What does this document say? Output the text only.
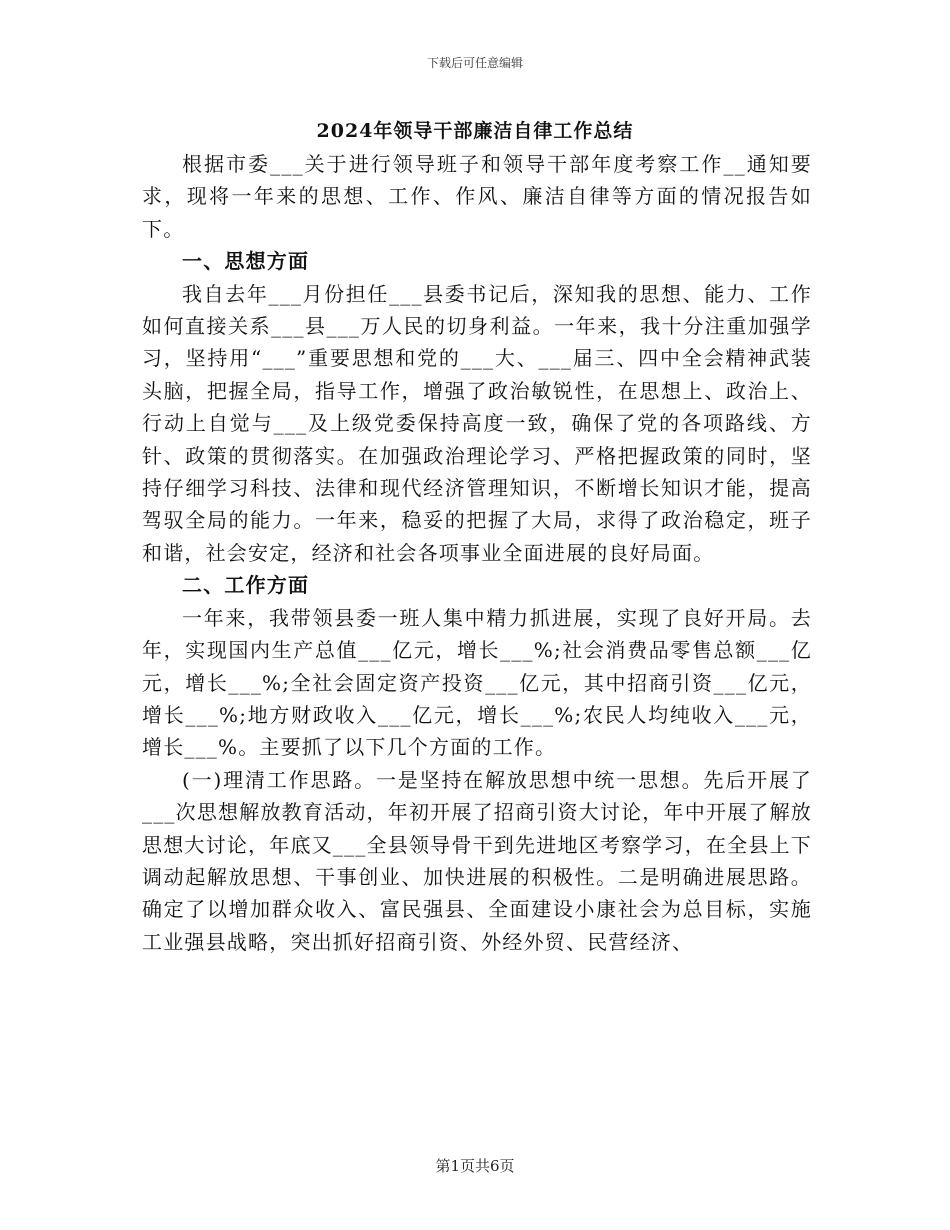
下载后可任意编辑
2024年领导干部廉洁自律工作总结

根据市委___关于进行领导班子和领导干部年度考察工作__通知要求，现将一年来的思想、工作、作风、廉洁自律等方面的情况报告如下。

一、思想方面

我自去年___月份担任___县委书记后，深知我的思想、能力、工作如何直接关系___县___万人民的切身利益。一年来，我十分注重加强学习，坚持用“___”重要思想和党的___大、___届三、四中全会精神武装头脑，把握全局，指导工作，增强了政治敏锐性，在思想上、政治上、行动上自觉与___及上级党委保持高度一致，确保了党的各项路线、方针、政策的贯彻落实。在加强政治理论学习、严格把握政策的同时，坚持仔细学习科技、法律和现代经济管理知识，不断增长知识才能，提高驾驭全局的能力。一年来，稳妥的把握了大局，求得了政治稳定，班子和谐，社会安定，经济和社会各项事业全面进展的良好局面。

二、工作方面

一年来，我带领县委一班人集中精力抓进展，实现了良好开局。去年，实现国内生产总值___亿元，增长___%;社会消费品零售总额___亿元，增长___%;全社会固定资产投资___亿元，其中招商引资___亿元，增长___%;地方财政收入___亿元，增长___%;农民人均纯收入___元，增长___%。主要抓了以下几个方面的工作。

(一)理清工作思路。一是坚持在解放思想中统一思想。先后开展了___次思想解放教育活动，年初开展了招商引资大讨论，年中开展了解放思想大讨论，年底又___全县领导骨干到先进地区考察学习，在全县上下调动起解放思想、干事创业、加快进展的积极性。二是明确进展思路。确定了以增加群众收入、富民强县、全面建设小康社会为总目标，实施工业强县战略，突出抓好招商引资、外经外贸、民营经济、

第1页共6页
